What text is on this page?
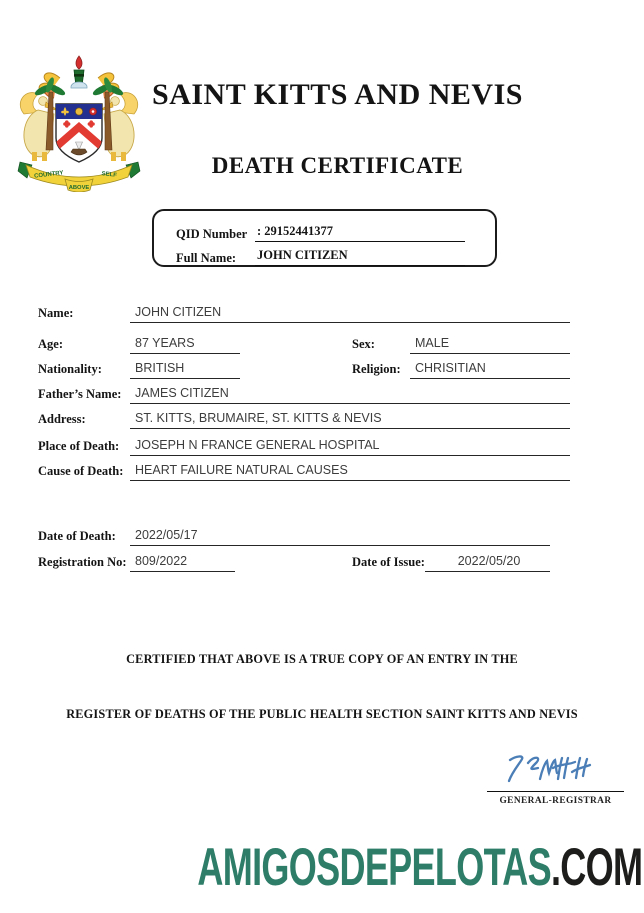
COUNTRY	SELF
ABOVE
SAINT KITTS AND NEVIS
DEATH CERTIFICATE
QID Number : 29152441377
Full Name:	JOHN CITIZEN
Name:	JOHN CITIZEN
Age:	87 YEARS	Sex:	MALE
Nationality:	BRITISH	Religion:	CHRISITIAN
Father’s Name:	JAMES CITIZEN
Address:	ST. KITTS, BRUMAIRE, ST. KITTS & NEVIS
Place of Death:	JOSEPH N FRANCE GENERAL HOSPITAL
Cause of Death: HEART FAILURE NATURAL CAUSES
Date of Death:	2022/05/17
Registration No: 809/2022	Date of Issue:	2022/05/20
CERTIFIED THAT ABOVE IS A TRUE COPY OF AN ENTRY IN THE
REGISTER OF DEATHS OF THE PUBLIC HEALTH SECTION SAINT KITTS AND NEVIS
GENERAL-REGISTRAR
AMIGOSDEPELOTAS.COM
